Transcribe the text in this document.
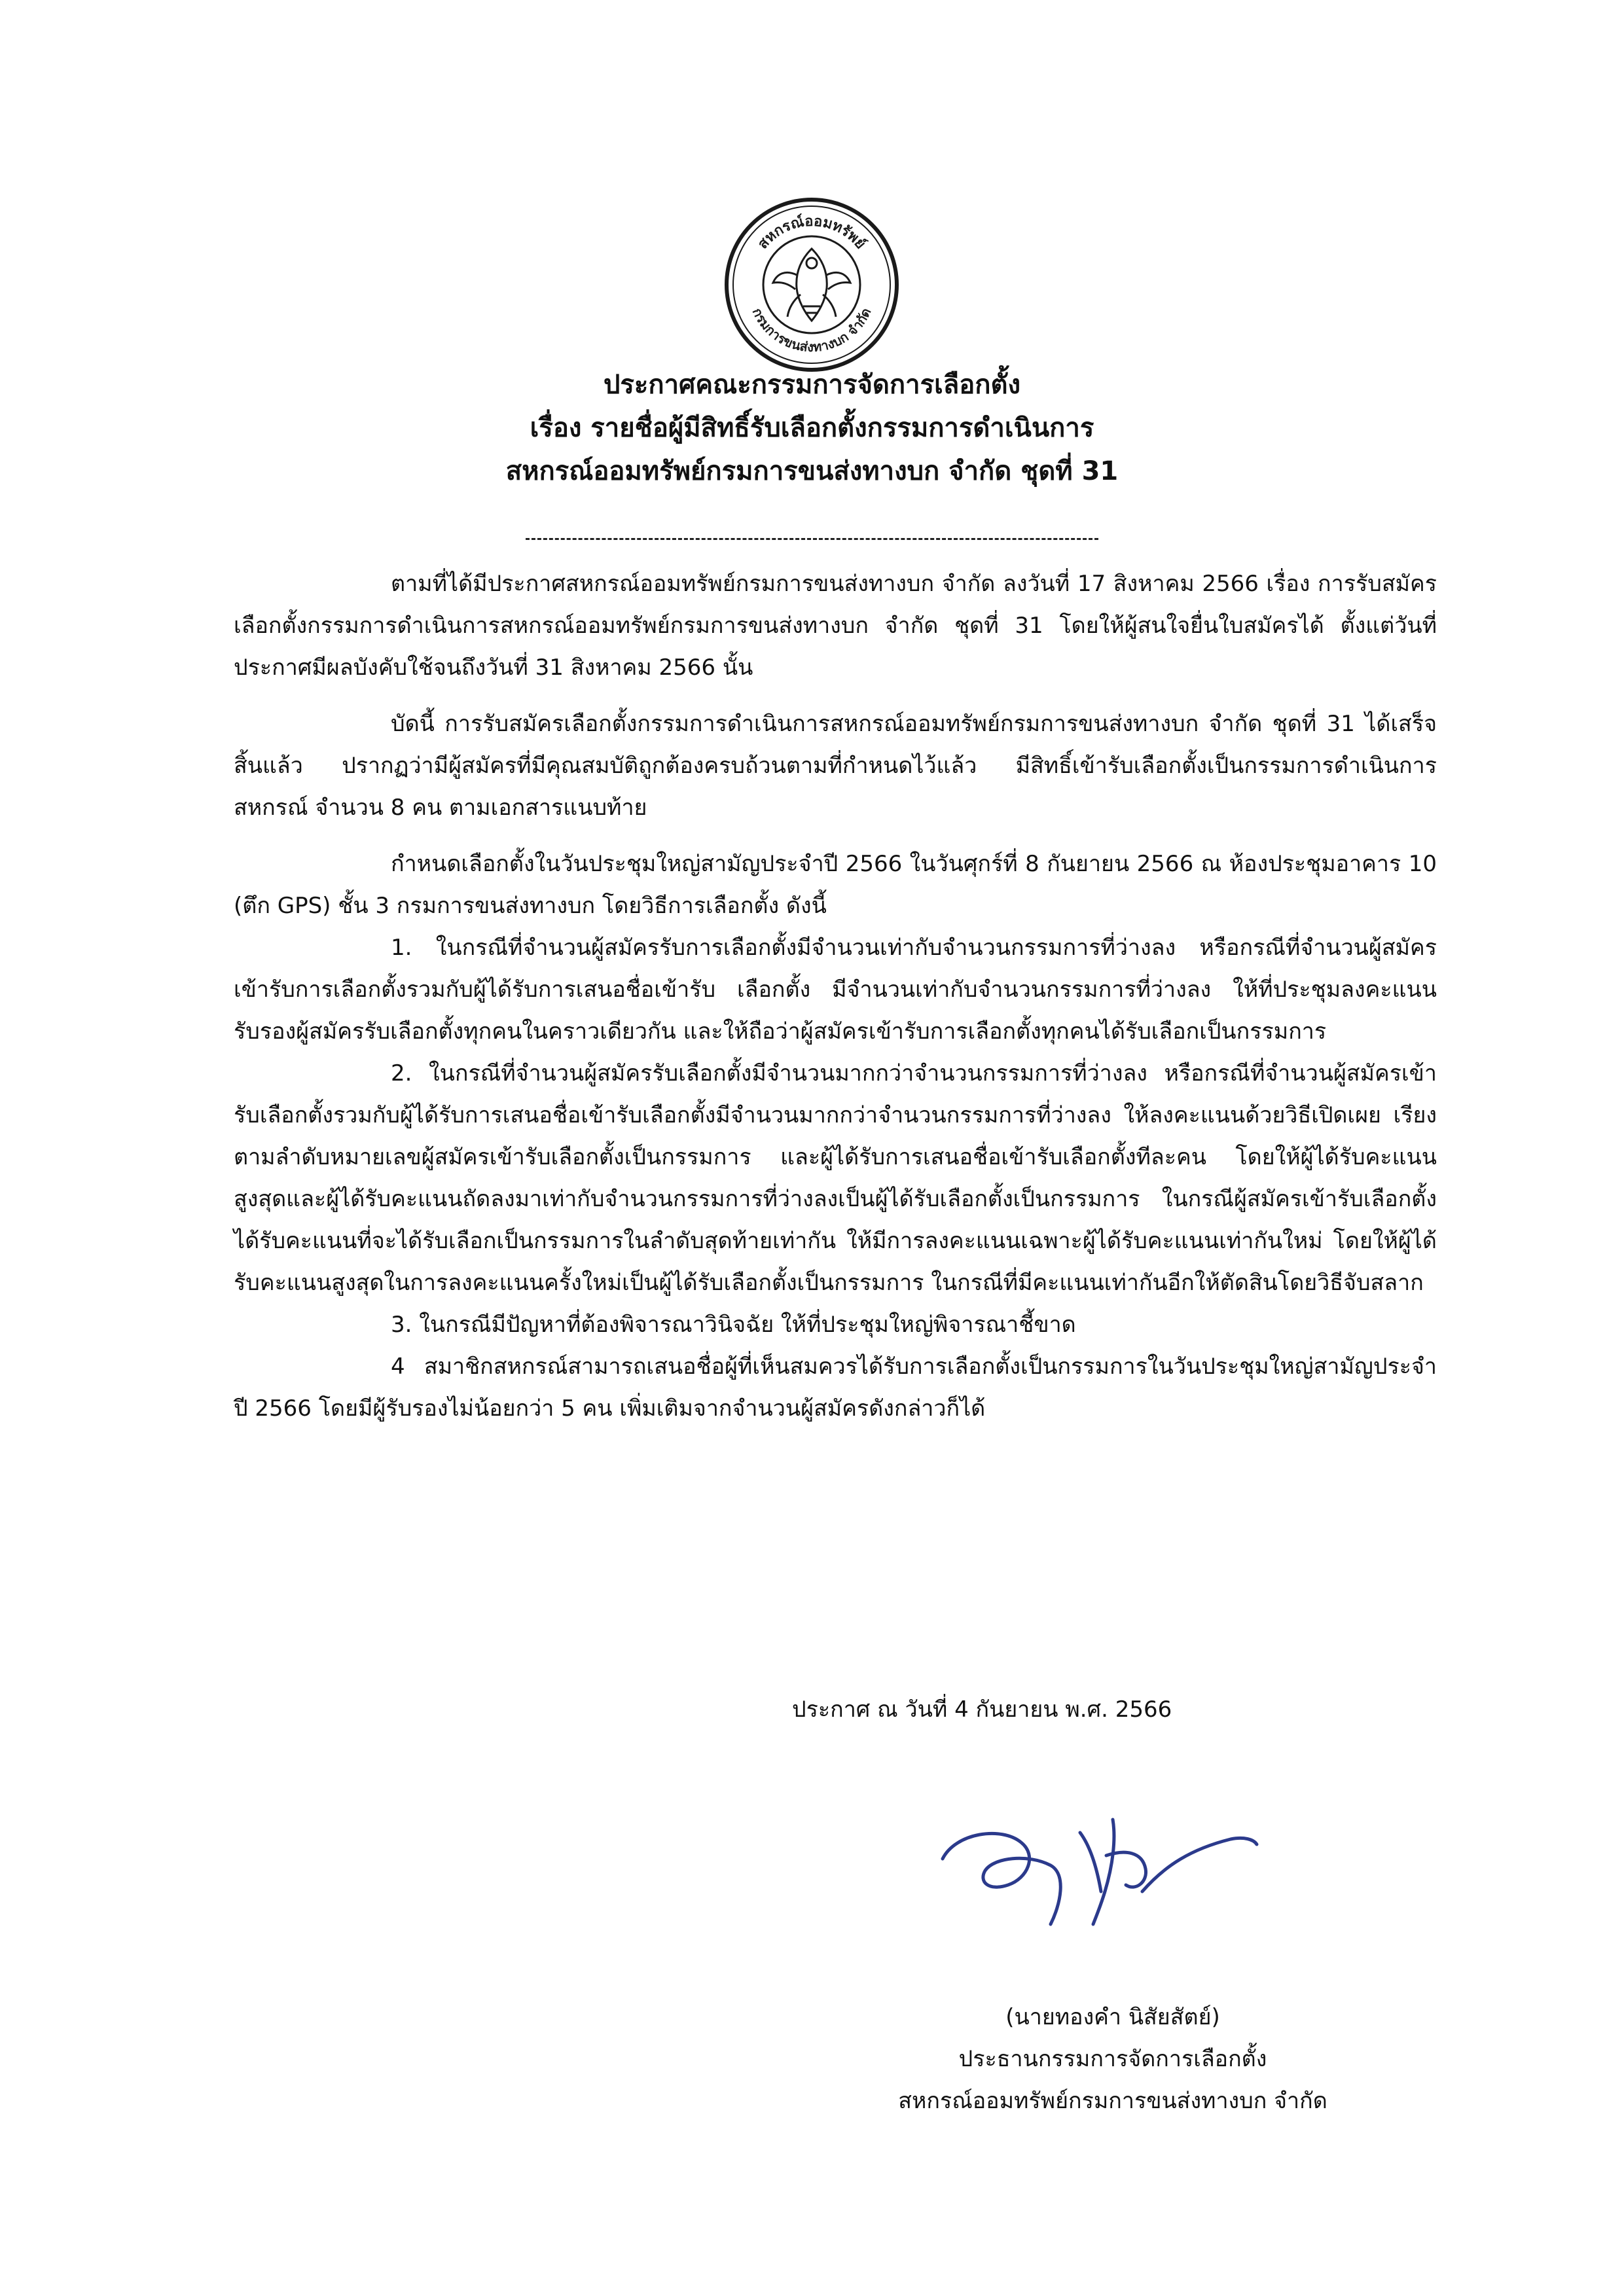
สหกรณ์ออมทรัพย์
กรมการขนส่งทางบก จำกัด
ประกาศคณะกรรมการจัดการเลือกตั้ง
เรื่อง รายชื่อผู้มีสิทธิ์รับเลือกตั้งกรรมการดำเนินการ
สหกรณ์ออมทรัพย์กรมการขนส่งทางบก จำกัด ชุดที่ 31

ตามที่ได้มีประกาศสหกรณ์ออมทรัพย์กรมการขนส่งทางบก จำกัด ลงวันที่ 17 สิงหาคม 2566 เรื่อง การรับสมัครเลือกตั้งกรรมการดำเนินการสหกรณ์ออมทรัพย์กรมการขนส่งทางบก จำกัด ชุดที่ 31 โดยให้ผู้สนใจยื่นใบสมัครได้ ตั้งแต่วันที่ประกาศมีผลบังคับใช้จนถึงวันที่ 31 สิงหาคม 2566 นั้น

บัดนี้ การรับสมัครเลือกตั้งกรรมการดำเนินการสหกรณ์ออมทรัพย์กรมการขนส่งทางบก จำกัด ชุดที่ 31 ได้เสร็จสิ้นแล้ว ปรากฏว่ามีผู้สมัครที่มีคุณสมบัติถูกต้องครบถ้วนตามที่กำหนดไว้แล้ว มีสิทธิ์เข้ารับเลือกตั้งเป็นกรรมการดำเนินการสหกรณ์ จำนวน 8 คน ตามเอกสารแนบท้าย

กำหนดเลือกตั้งในวันประชุมใหญ่สามัญประจำปี 2566 ในวันศุกร์ที่ 8 กันยายน 2566 ณ ห้องประชุมอาคาร 10 (ตึก GPS) ชั้น 3 กรมการขนส่งทางบก โดยวิธีการเลือกตั้ง ดังนี้

1. ในกรณีที่จำนวนผู้สมัครรับการเลือกตั้งมีจำนวนเท่ากับจำนวนกรรมการที่ว่างลง หรือกรณีที่จำนวนผู้สมัครเข้ารับการเลือกตั้งรวมกับผู้ได้รับการเสนอชื่อเข้ารับ เลือกตั้ง มีจำนวนเท่ากับจำนวนกรรมการที่ว่างลง ให้ที่ประชุมลงคะแนนรับรองผู้สมัครรับเลือกตั้งทุกคนในคราวเดียวกัน และให้ถือว่าผู้สมัครเข้ารับการเลือกตั้งทุกคนได้รับเลือกเป็นกรรมการ

2. ในกรณีที่จำนวนผู้สมัครรับเลือกตั้งมีจำนวนมากกว่าจำนวนกรรมการที่ว่างลง หรือกรณีที่จำนวนผู้สมัครเข้ารับเลือกตั้งรวมกับผู้ได้รับการเสนอชื่อเข้ารับเลือกตั้งมีจำนวนมากกว่าจำนวนกรรมการที่ว่างลง ให้ลงคะแนนด้วยวิธีเปิดเผย เรียงตามลำดับหมายเลขผู้สมัครเข้ารับเลือกตั้งเป็นกรรมการ และผู้ได้รับการเสนอชื่อเข้ารับเลือกตั้งทีละคน โดยให้ผู้ได้รับคะแนนสูงสุดและผู้ได้รับคะแนนถัดลงมาเท่ากับจำนวนกรรมการที่ว่างลงเป็นผู้ได้รับเลือกตั้งเป็นกรรมการ ในกรณีผู้สมัครเข้ารับเลือกตั้งได้รับคะแนนที่จะได้รับเลือกเป็นกรรมการในลำดับสุดท้ายเท่ากัน ให้มีการลงคะแนนเฉพาะผู้ได้รับคะแนนเท่ากันใหม่ โดยให้ผู้ได้รับคะแนนสูงสุดในการลงคะแนนครั้งใหม่เป็นผู้ได้รับเลือกตั้งเป็นกรรมการ ในกรณีที่มีคะแนนเท่ากันอีกให้ตัดสินโดยวิธีจับสลาก

3. ในกรณีมีปัญหาที่ต้องพิจารณาวินิจฉัย ให้ที่ประชุมใหญ่พิจารณาชี้ขาด

4 สมาชิกสหกรณ์สามารถเสนอชื่อผู้ที่เห็นสมควรได้รับการเลือกตั้งเป็นกรรมการในวันประชุมใหญ่สามัญประจำปี 2566 โดยมีผู้รับรองไม่น้อยกว่า 5 คน เพิ่มเติมจากจำนวนผู้สมัครดังกล่าวก็ได้

ประกาศ ณ วันที่ 4 กันยายน พ.ศ. 2566
(นายทองคำ นิสัยสัตย์)
ประธานกรรมการจัดการเลือกตั้ง
สหกรณ์ออมทรัพย์กรมการขนส่งทางบก จำกัด
